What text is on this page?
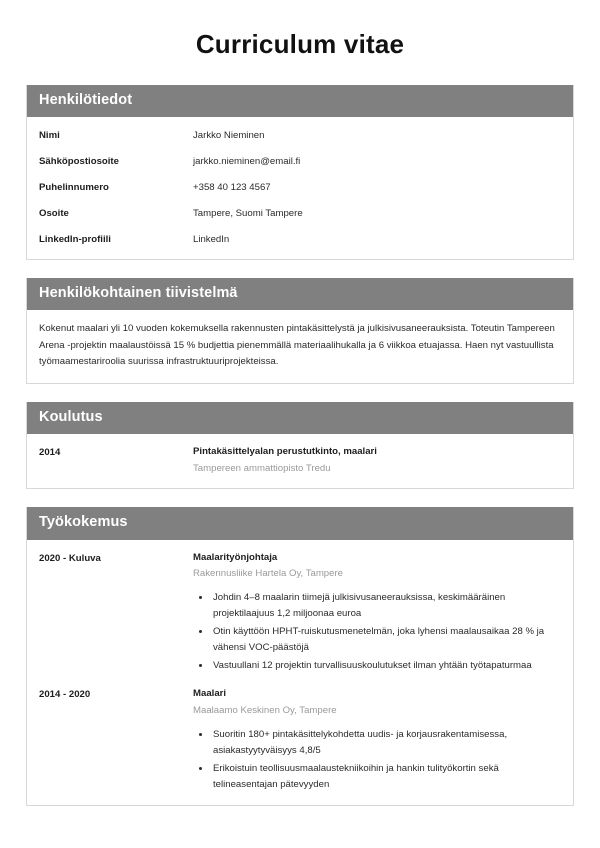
Curriculum vitae
Henkilötiedot
Nimi	Jarkko Nieminen
Sähköpostiosoite	jarkko.nieminen@email.fi
Puhelinnumero	+358 40 123 4567
Osoite	Tampere, Suomi Tampere
LinkedIn-profiili	LinkedIn
Henkilökohtainen tiivistelmä

Kokenut maalari yli 10 vuoden kokemuksella rakennusten pintakäsittelystä ja julkisivusaneerauksista. Toteutin Tampereen Arena -projektin maalaustöissä 15 % budjettia pienemmällä materiaalihukalla ja 6 viikkoa etuajassa. Haen nyt vastuullista työmaamestariroolia suurissa infrastruktuuriprojekteissa.

Koulutus
2014	Pintakäsittelyalan perustutkinto, maalari
Tampereen ammattiopisto Tredu
Työkokemus
2020 - Kuluva	Maalarityönjohtaja
Rakennusliike Hartela Oy, Tampere
• Johdin 4–8 maalarin tiimejä julkisivusaneerauksissa, keskimääräinen projektilaajuus 1,2 miljoonaa euroa
• Otin käyttöön HPHT-ruiskutusmenetelmän, joka lyhensi maalausaikaa 28 % ja vähensi VOC-päästöjä
• Vastuullani 12 projektin turvallisuuskoulutukset ilman yhtään työtapaturmaa
2014 - 2020	Maalari
Maalaamo Keskinen Oy, Tampere
• Suoritin 180+ pintakäsittelykohdetta uudis- ja korjausrakentamisessa, asiakastyytyväisyys 4,8/5
• Erikoistuin teollisuusmaalaustekniikoihin ja hankin tulityökortin sekä telineasentajan pätevyyden
